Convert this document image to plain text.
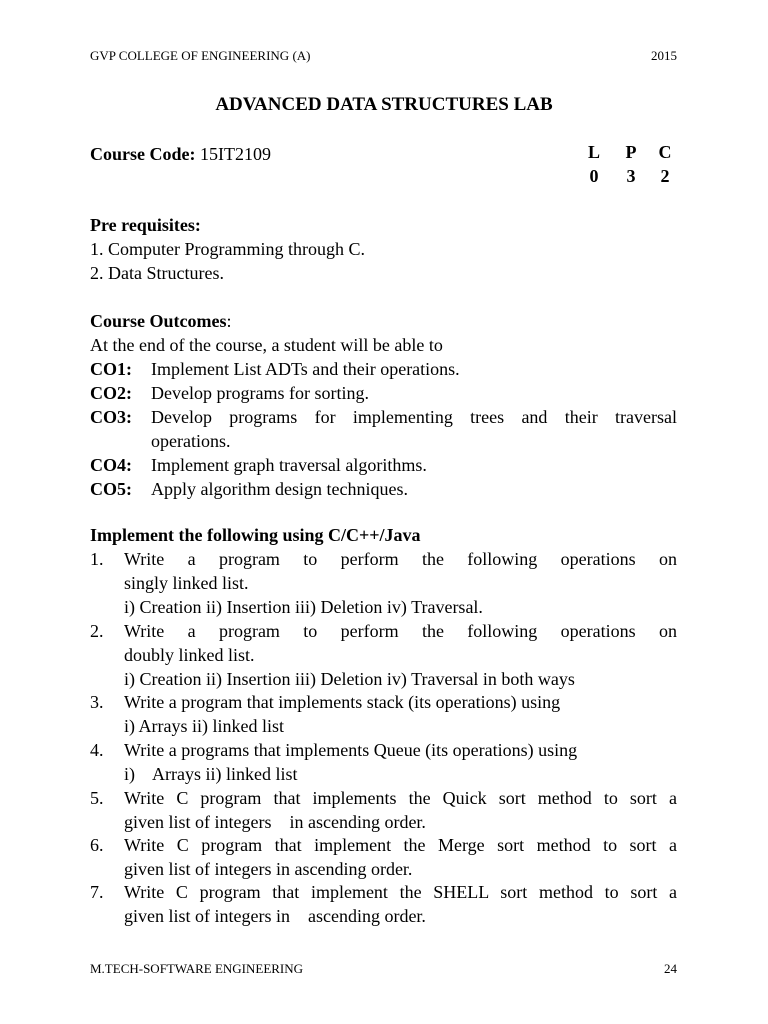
GVP COLLEGE OF ENGINEERING (A)	2015
ADVANCED DATA STRUCTURES LAB
Course Code: 15IT2109	L P C
0	3	2
Pre requisites:
1. Computer Programming through C.
2. Data Structures.
Course Outcomes:
At the end of the course, a student will be able to
CO1: Implement List ADTs and their operations.
CO2: Develop programs for sorting.
CO3: Develop programs for implementing trees and their traversal
operations.
CO4: Implement graph traversal algorithms.
CO5: Apply algorithm design techniques.
Implement the following using C/C++/Java
1. Write a program to perform the following operations on
singly linked list.
i) Creation ii) Insertion iii) Deletion iv) Traversal.
2. Write a program to perform the following operations on
doubly linked list.
i) Creation ii) Insertion iii) Deletion iv) Traversal in both ways
3. Write a program that implements stack (its operations) using
i) Arrays ii) linked list
4. Write a programs that implements Queue (its operations) using
i)    Arrays ii) linked list
5. Write C program that implements the Quick sort method to sort a
given list of integers    in ascending order.
6. Write C program that implement the Merge sort method to sort a
given list of integers in ascending order.
7. Write C program that implement the SHELL sort method to sort a
given list of integers in    ascending order.
M.TECH-SOFTWARE ENGINEERING	24
